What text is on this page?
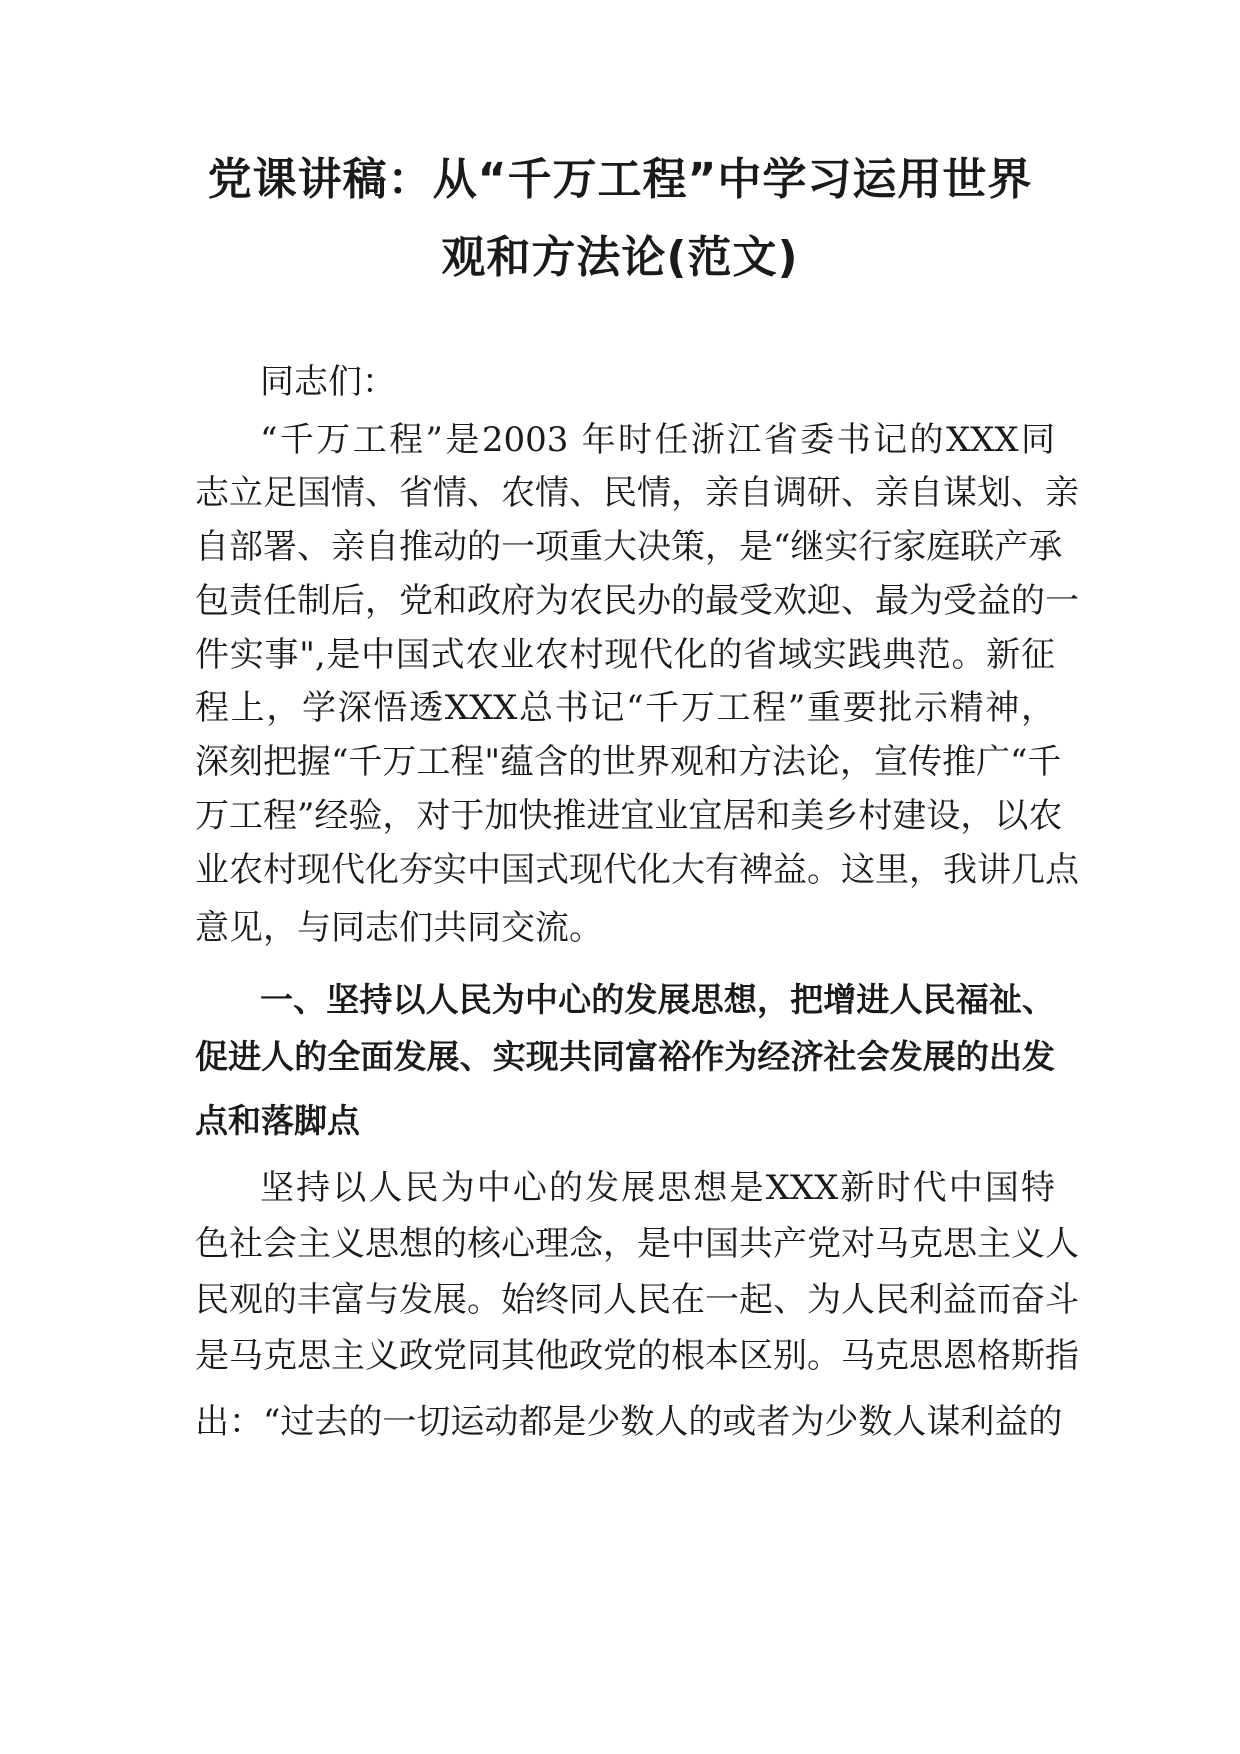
党课讲稿：从“千万工程”中学习运用世界
观和方法论(范文)
同志们：
“千万工程”是2003 年时任浙江省委书记的XXX同
志立足国情、省情、农情、民情，亲自调研、亲自谋划、亲
自部署、亲自推动的一项重大决策，是“继实行家庭联产承
包责任制后，党和政府为农民办的最受欢迎、最为受益的一
件实事",是中国式农业农村现代化的省域实践典范。新征
程上，学深悟透XXX总书记“千万工程”重要批示精神，
深刻把握“千万工程"蕴含的世界观和方法论，宣传推广“千
万工程”经验，对于加快推进宜业宜居和美乡村建设，以农
业农村现代化夯实中国式现代化大有裨益。这里，我讲几点
意见，与同志们共同交流。
一、坚持以人民为中心的发展思想，把增进人民福祉、
促进人的全面发展、实现共同富裕作为经济社会发展的出发
点和落脚点
坚持以人民为中心的发展思想是XXX新时代中国特
色社会主义思想的核心理念，是中国共产党对马克思主义人
民观的丰富与发展。始终同人民在一起、为人民利益而奋斗
是马克思主义政党同其他政党的根本区别。马克思恩格斯指
出：“过去的一切运动都是少数人的或者为少数人谋利益的
